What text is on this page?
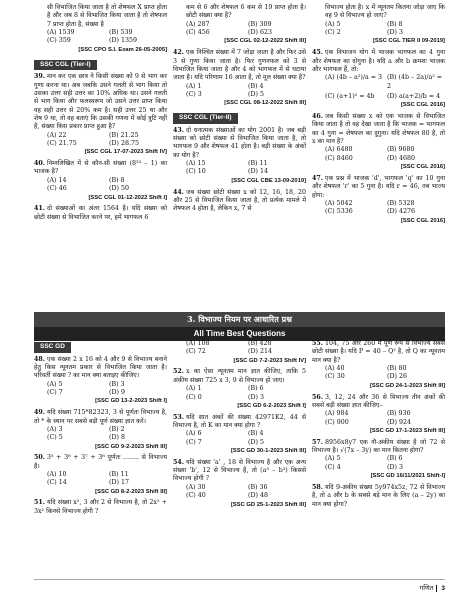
सी विभाजित किया जाता है तो शेषफल X प्राप्त होता है और जब 8 से विभाजित किया जाता है तो शेषफल 7 प्राप्त होता है, संख्या है
(A) 1539	(B) 539
(C) 359	(D) 1359
[SSC CPO S.I. Exam 26-05-2005]
SSC CGL (Tier-I)
39. मान कर एक छात्र ने किसी संख्या को 9 से भाग कर गुणा करना था। अब जबकि उसने गलती से भाग किया तो उसका उत्तर सही उत्तर का 10% अधिक था। उसने गलती से भाग किया और फलस्वरूप जो उसने उत्तर प्राप्त किया वह सही उत्तर से 20% कम है। सही उत्तर 25 था और शेष 9 था, तो वह बताएं कि उसकी गणना में कोई त्रुटि नहीं है, संख्या किस प्रकार प्राप्त हुआ है?
(A) 22	(B) 21.25
(C) 21.75	(D) 28.75
[SSC CGL 17-07-2023 Shift IV]
40. निम्नलिखित में से कौन-सी संख्या (8³³ – 1) का भाजक है?
(A) 14	(B) 8
(C) 46	(D) 50
[SSC CGL 01-12-2022 Shift I]
41. दो संख्याओं का अंतर 1564 है। यदि संख्या को छोटी संख्या से विभाजित करने पर, हमें भागफल 6
कम से 6 और शेषफल 6 कम से 19 प्राप्त होता है। छोटी संख्या क्या है?
(A) 287	(B) 309
(C) 456	(D) 623
[SSC CGL 02-12-2022 Shift III]
42. एक निश्चित संख्या में 7 जोड़ा जाता है और फिर उसे 3 से गुणा किया जाता है। फिर गुणनफल को 3 से विभाजित किया जाता है और 4 को भागफल में से घटाया जाता है। यदि परिणाम 16 आता है, तो मूल संख्या क्या है?
(A) 1	(B) 4
(C) 3	(D) 5
[SSC CGL 08-12-2022 Shift III]
SSC CGL (Tier-II)
43. दो धनात्मक संख्याओं का योग 2001 है। जब बड़ी संख्या को छोटी संख्या से विभाजित किया जाता है, तो भागफल 9 और शेषफल 41 होता है। बड़ी संख्या के अंकों का योग है?
(A) 15	(B) 11
(C) 10	(D) 14
[SSC CGL CBE 13-09-2019]
44. जब संख्या छोटी संख्या x को 12, 16, 18, 20 और 25 से विभाजित किया जाता है, तो प्रत्येक मामले में शेषफल 4 होता है, लेकिन x, 7 से
विभाज्य होता है। x में न्यूनतम कितना जोड़ा जाए कि वह 9 से विभाज्य हो जाए?
(A) 5	(B) 8
(C) 2	(D) 3
[SSC CGL TIER II 09-2019]
45. एक विभाजन योग में भाजक भागफल का 4 गुना और शेषफल का दोगुना है। यदि a और b क्रमशः भाजक और भागफल हैं, तो:
(A) (4b – a²)/a = 3 (B) (4b – 2a)/a² = 2
(C) (a+1)² = 4b	(D) a(a+2)/b = 4
[SSC CGL 2016]
46. जब किसी संख्या x को एक भाजक से विभाजित किया जाता है तो वह देखा जाता है कि भाजक = भागफल का 4 गुना = शेषफल का दुगुना। यदि शेषफल 80 है, तो x का मान है?
(A) 6480	(B) 9680
(C) 8460	(D) 4680
[SSC CGL 2016]
47. एक प्रश्न में भाजक 'd', भागफल 'q' का 10 गुना और शेषफल 'r' का 5 गुना है। यदि r = 46, तब भाज्य होगा:
(A) 5042	(B) 5328
(C) 5336	(D) 4276
[SSC CGL 2016]
3. विभाज्य नियम पर आधारित प्रश्न
All Time Best Questions
SSC GD
48. एक संख्या 2 x 16 को 4 और 9 से विभाज्य बनाने हेतु किस न्यूनतम प्रकार से विभाजित किया जाता है। परिवर्ती संख्या ? का मान क्या बताइए कीजिए।
(A) 5	(B) 3
(C) 7	(D) 9
[SSC GD 13-2-2023 Shift I]
49. यदि संख्या 715*82323, 3 से पूर्णतः विभाज्य है, तो * के स्थान पर सबसे बड़ी पूर्ण संख्या ज्ञात करें।
(A) 3	(B) 2
(C) 5	(D) 8
[SSC GD 9-2-2023 Shift III]
50. 3⁵ + 3⁶ + 3⁷ + 3⁸ पूर्णतः ........ से विभाज्य है।
(A) 10	(B) 11
(C) 14	(D) 17
[SSC GD 8-2-2023 Shift III]
51. यदि संख्या x², 3 और 2 से विभाज्य है, तो 2x² + 3x² किनसे विभाज्य होगी ?
(A) 108	(B) 428
(C) 72	(D) 214
[SSC GD 7-2-2023 Shift IV]
52. x का ऐसा न्यूनतम मान ज्ञात कीजिए, ताकि 5 अंकीय संख्या 725 x 3, 9 से विभाज्य हो जाए।
(A) 1	(B) 6
(C) 0	(D) 3
[SSC GD 6-2-2023 Shift I]
53. यदि सात अंकों की संख्या 42971K2, 44 से विभाज्य है, तो K का मान क्या होगा ?
(A) 6	(B) 4
(C) 7	(D) 5
[SSC GD 30-1-2023 Shift III]
54. यदि संख्या 'a' , 18 से विभाज्य है और एक अन्य संख्या 'b', 12 से विभाज्य है, तो (a³ – b³) किससे विभाज्य होगी ?
(A) 30	(B) 36
(C) 40	(D) 48
[SSC GD 25-1-2023 Shift III]
55. 104, 75 और 260 में पूर्ण रूप से विभाज्य सबसे छोटी संख्या है। यदि P = 40 – Q² है, तो Q का न्यूनतम मान क्या है?
(A) 40	(B) 80
(C) 30	(D) 26
[SSC GD 24-1-2023 Shift III]
56. 3, 12, 24 और 36 से विभाज्य तीन अंकों की सबसे बड़ी संख्या ज्ञात कीजिए–
(A) 984	(B) 936
(C) 900	(D) 924
[SSC GD 17-1-2023 Shift III]
57. 8956x8y7 एक नौ-अंकीय संख्या है जो 72 से विभाज्य है। √(7x – 3y) का मान कितना होगा?
(A) 5	(B) 6
(C) 4	(D) 3
[SSC GD 16/11/2021 Shift-I]
58. यदि 9-अंकीय संख्या 5y974x5z, 72 से विभाज्य है, तो a और b के सबसे बड़े मान के लिए (a – 2y) का मान क्या होगा?
गणित 3
